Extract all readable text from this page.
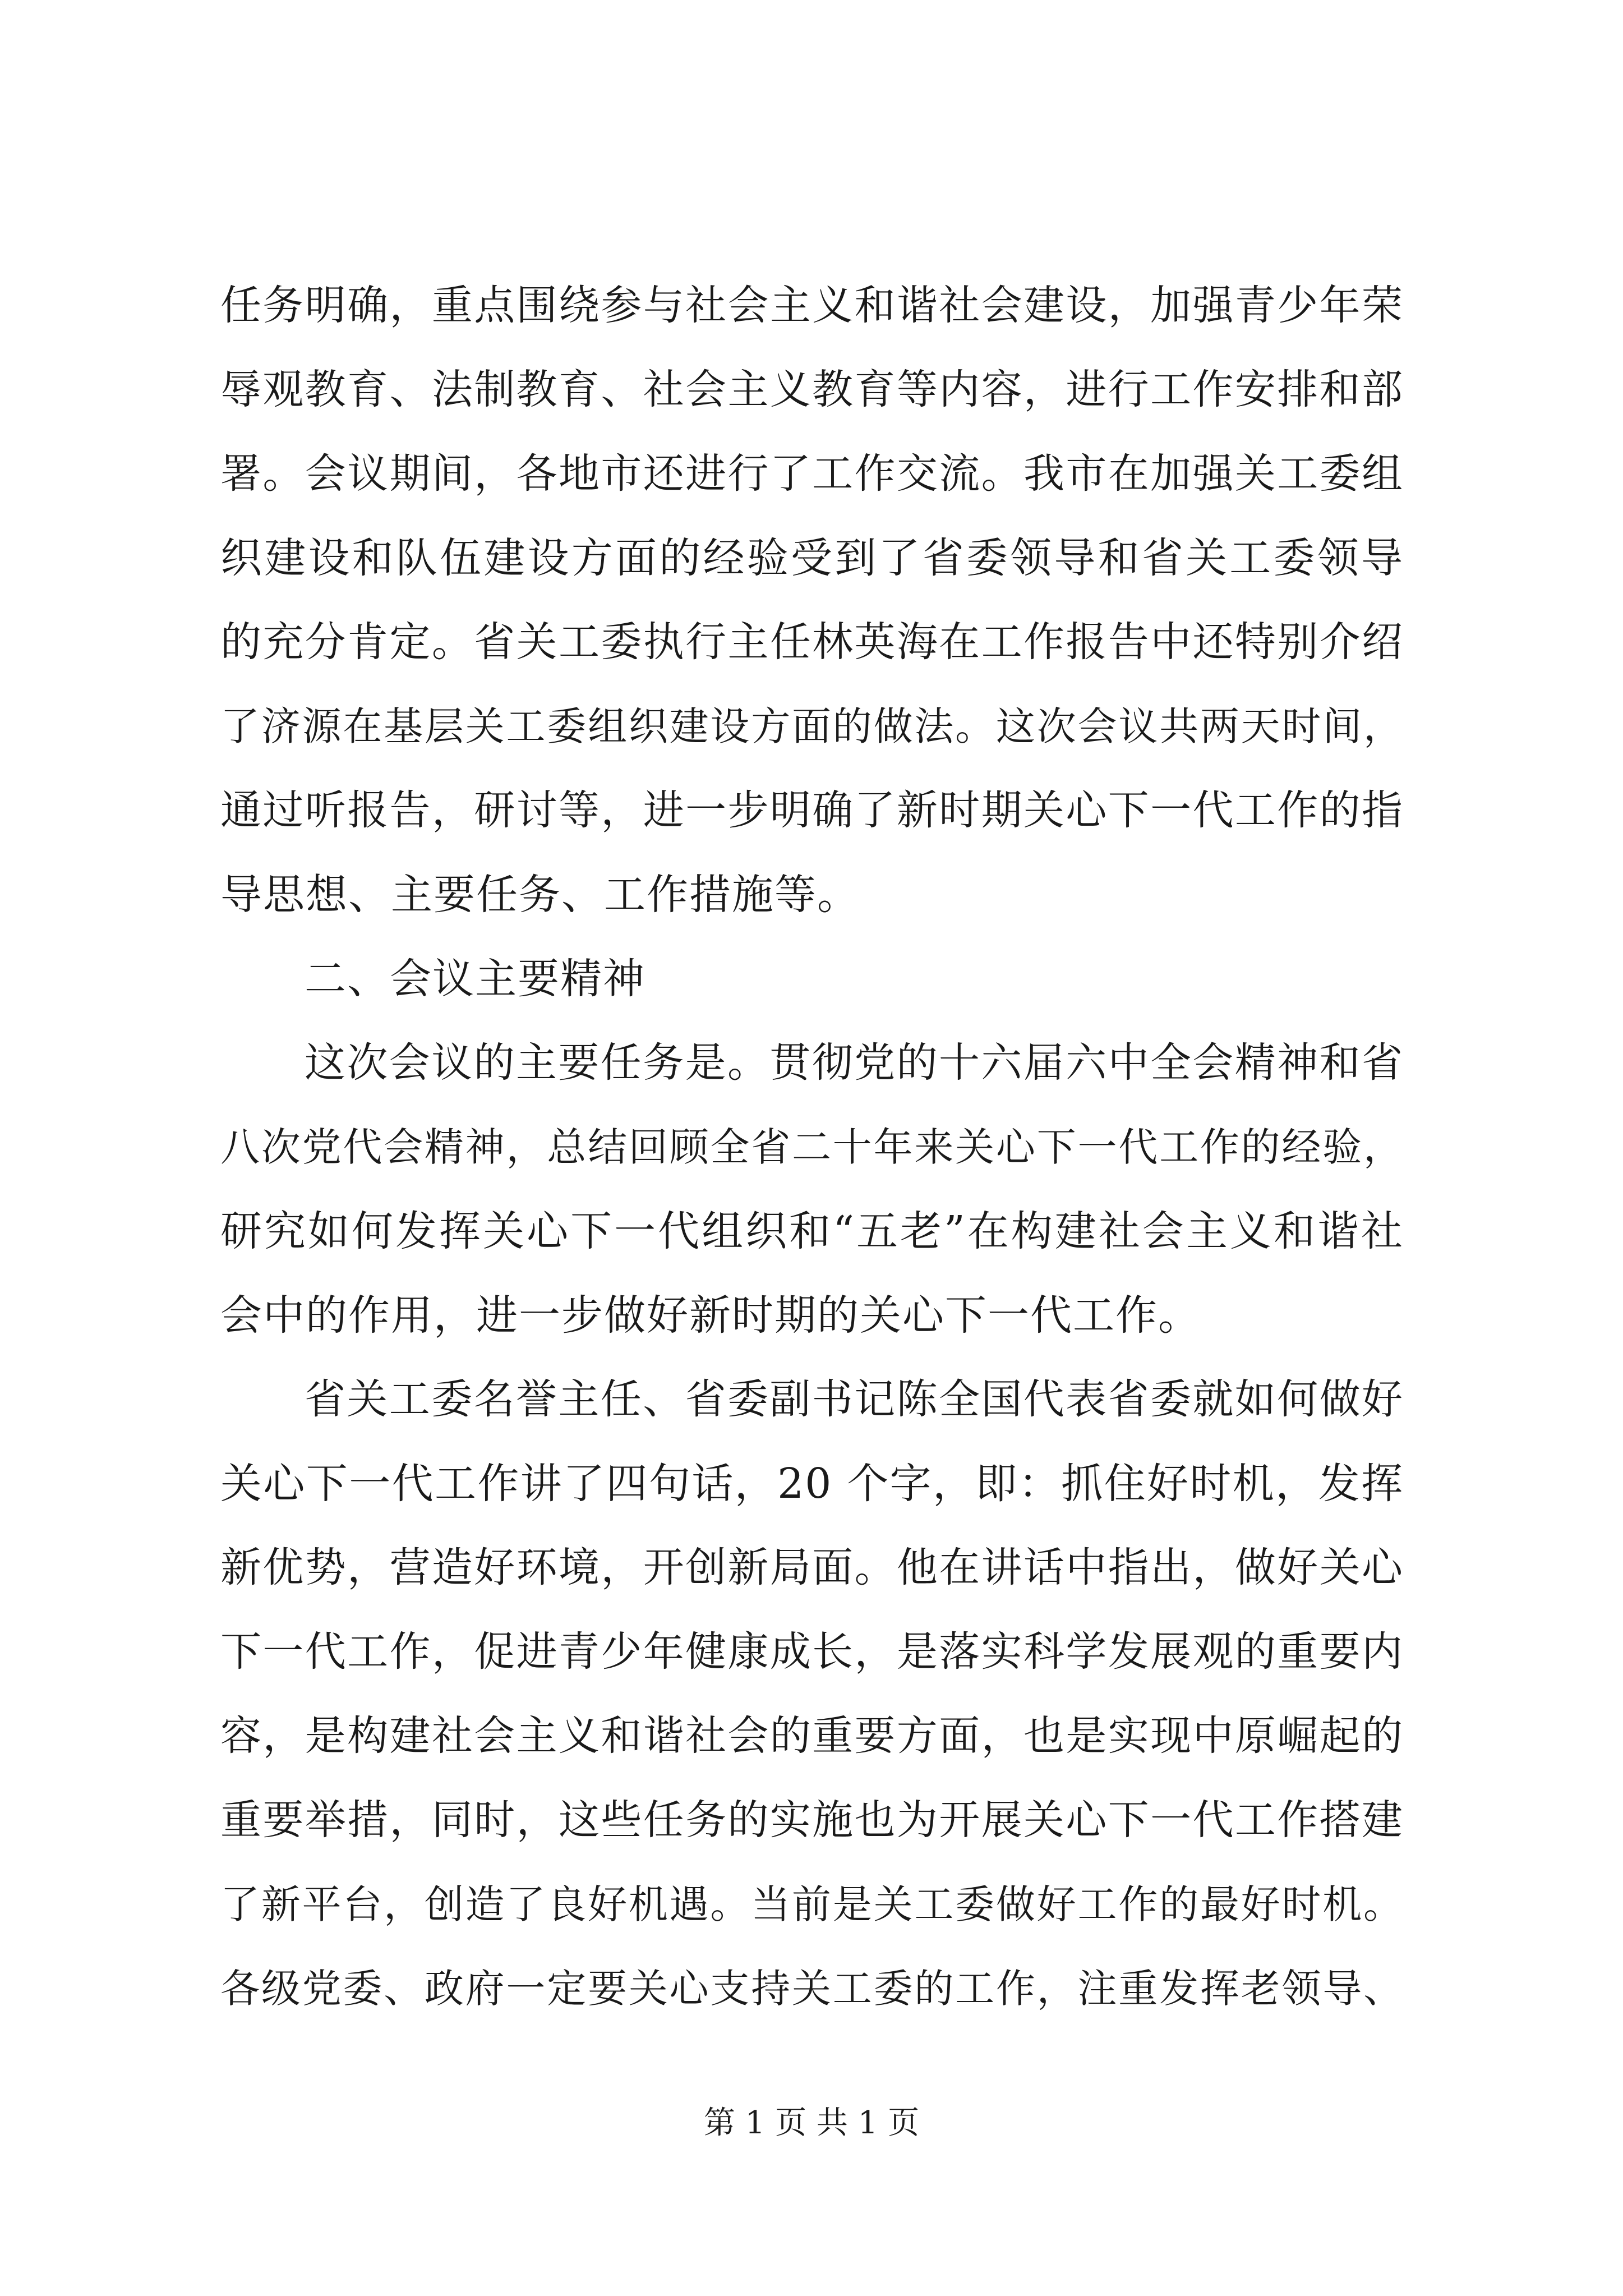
任务明确，重点围绕参与社会主义和谐社会建设，加强青少年荣
辱观教育、法制教育、社会主义教育等内容，进行工作安排和部
署。会议期间，各地市还进行了工作交流。我市在加强关工委组
织建设和队伍建设方面的经验受到了省委领导和省关工委领导
的充分肯定。省关工委执行主任林英海在工作报告中还特别介绍
了济源在基层关工委组织建设方面的做法。这次会议共两天时间，
通过听报告，研讨等，进一步明确了新时期关心下一代工作的指
导思想、主要任务、工作措施等。
二、会议主要精神
这次会议的主要任务是。贯彻党的十六届六中全会精神和省
八次党代会精神，总结回顾全省二十年来关心下一代工作的经验，
研究如何发挥关心下一代组织和“五老”在构建社会主义和谐社
会中的作用，进一步做好新时期的关心下一代工作。
省关工委名誉主任、省委副书记陈全国代表省委就如何做好
关心下一代工作讲了四句话，20 个字，即：抓住好时机，发挥
新优势，营造好环境，开创新局面。他在讲话中指出，做好关心
下一代工作，促进青少年健康成长，是落实科学发展观的重要内
容，是构建社会主义和谐社会的重要方面，也是实现中原崛起的
重要举措，同时，这些任务的实施也为开展关心下一代工作搭建
了新平台，创造了良好机遇。当前是关工委做好工作的最好时机。
各级党委、政府一定要关心支持关工委的工作，注重发挥老领导、
第 1 页 共 1 页
